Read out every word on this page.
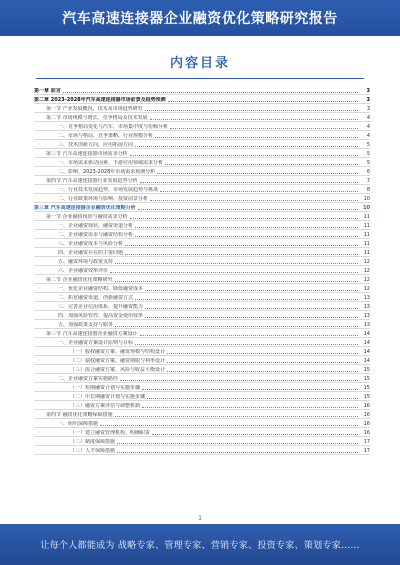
汽车高速连接器企业融资优化策略研究报告
内容目录
第一章 前言	3
第二章 2023-2028年汽车高速连接器市场前景及趋势预测	3
第一节 产业发展概况、技术及市场趋势研究	3
第二节 市场规模与增长、竞争格局及技术发展	4
一、竞争格局变化与汽车、市场集中度与份额分析	4
二、市场与格局、竞争策略、行业规模分析	4
三、技术创新方向、应用拓展方向	5
第三节 汽车高速连接器市场需求分析	5
一、市场需求驱动因素、下游应用领域需求分析	5
二、影响、2023-2028年市场需求预测分析	6
第四节 汽车高速连接器行业发展趋势分析	7
一、行业技术发展趋势、市场发展趋势与挑战	8
二、行业政策环境与影响、投资前景分析	10
第三章 汽车高速连接器企业融资优化策略分析	10
第一节 企业融资现状与融资需求分析	11
一、企业融资现状、融资渠道分析	11
二、企业融资需求与融资结构分析	11
三、企业融资成本与风险分析	11
四、企业融资存在的主要问题	11
五、融资环境与政策支持	12
六、企业融资效率评价	12
第二节 企业融资优化策略研究	12
一、优化企业融资结构、降低融资成本	12
二、拓宽融资渠道、创新融资方式	13
三、完善企业信用体系、提升融资能力	13
四、加强风险管控、提高资金使用效率	13
五、加强政策支持与服务	13
第三节 汽车高速连接器企业融资方案设计	14
一、企业融资方案设计原则与目标	14
（一）股权融资方案、融资规模与结构设计	14
（二）债权融资方案、融资期限与利率设计	14
（三）混合融资方案、风险与收益平衡设计	15
二、企业融资方案实施路径	15
（一）短期融资计划与实施步骤	15
（二）中长期融资计划与实施步骤	15
（三）融资方案评估与调整机制	16
第四节 融资优化策略保障措施	16
一、组织保障措施	16
（一）建立融资管理机构、明确职责	16
（二）制度保障措施	17
（三）人才保障措施	17
1
让每个人都能成为 战略专家、管理专家、营销专家、投资专家、策划专家……
